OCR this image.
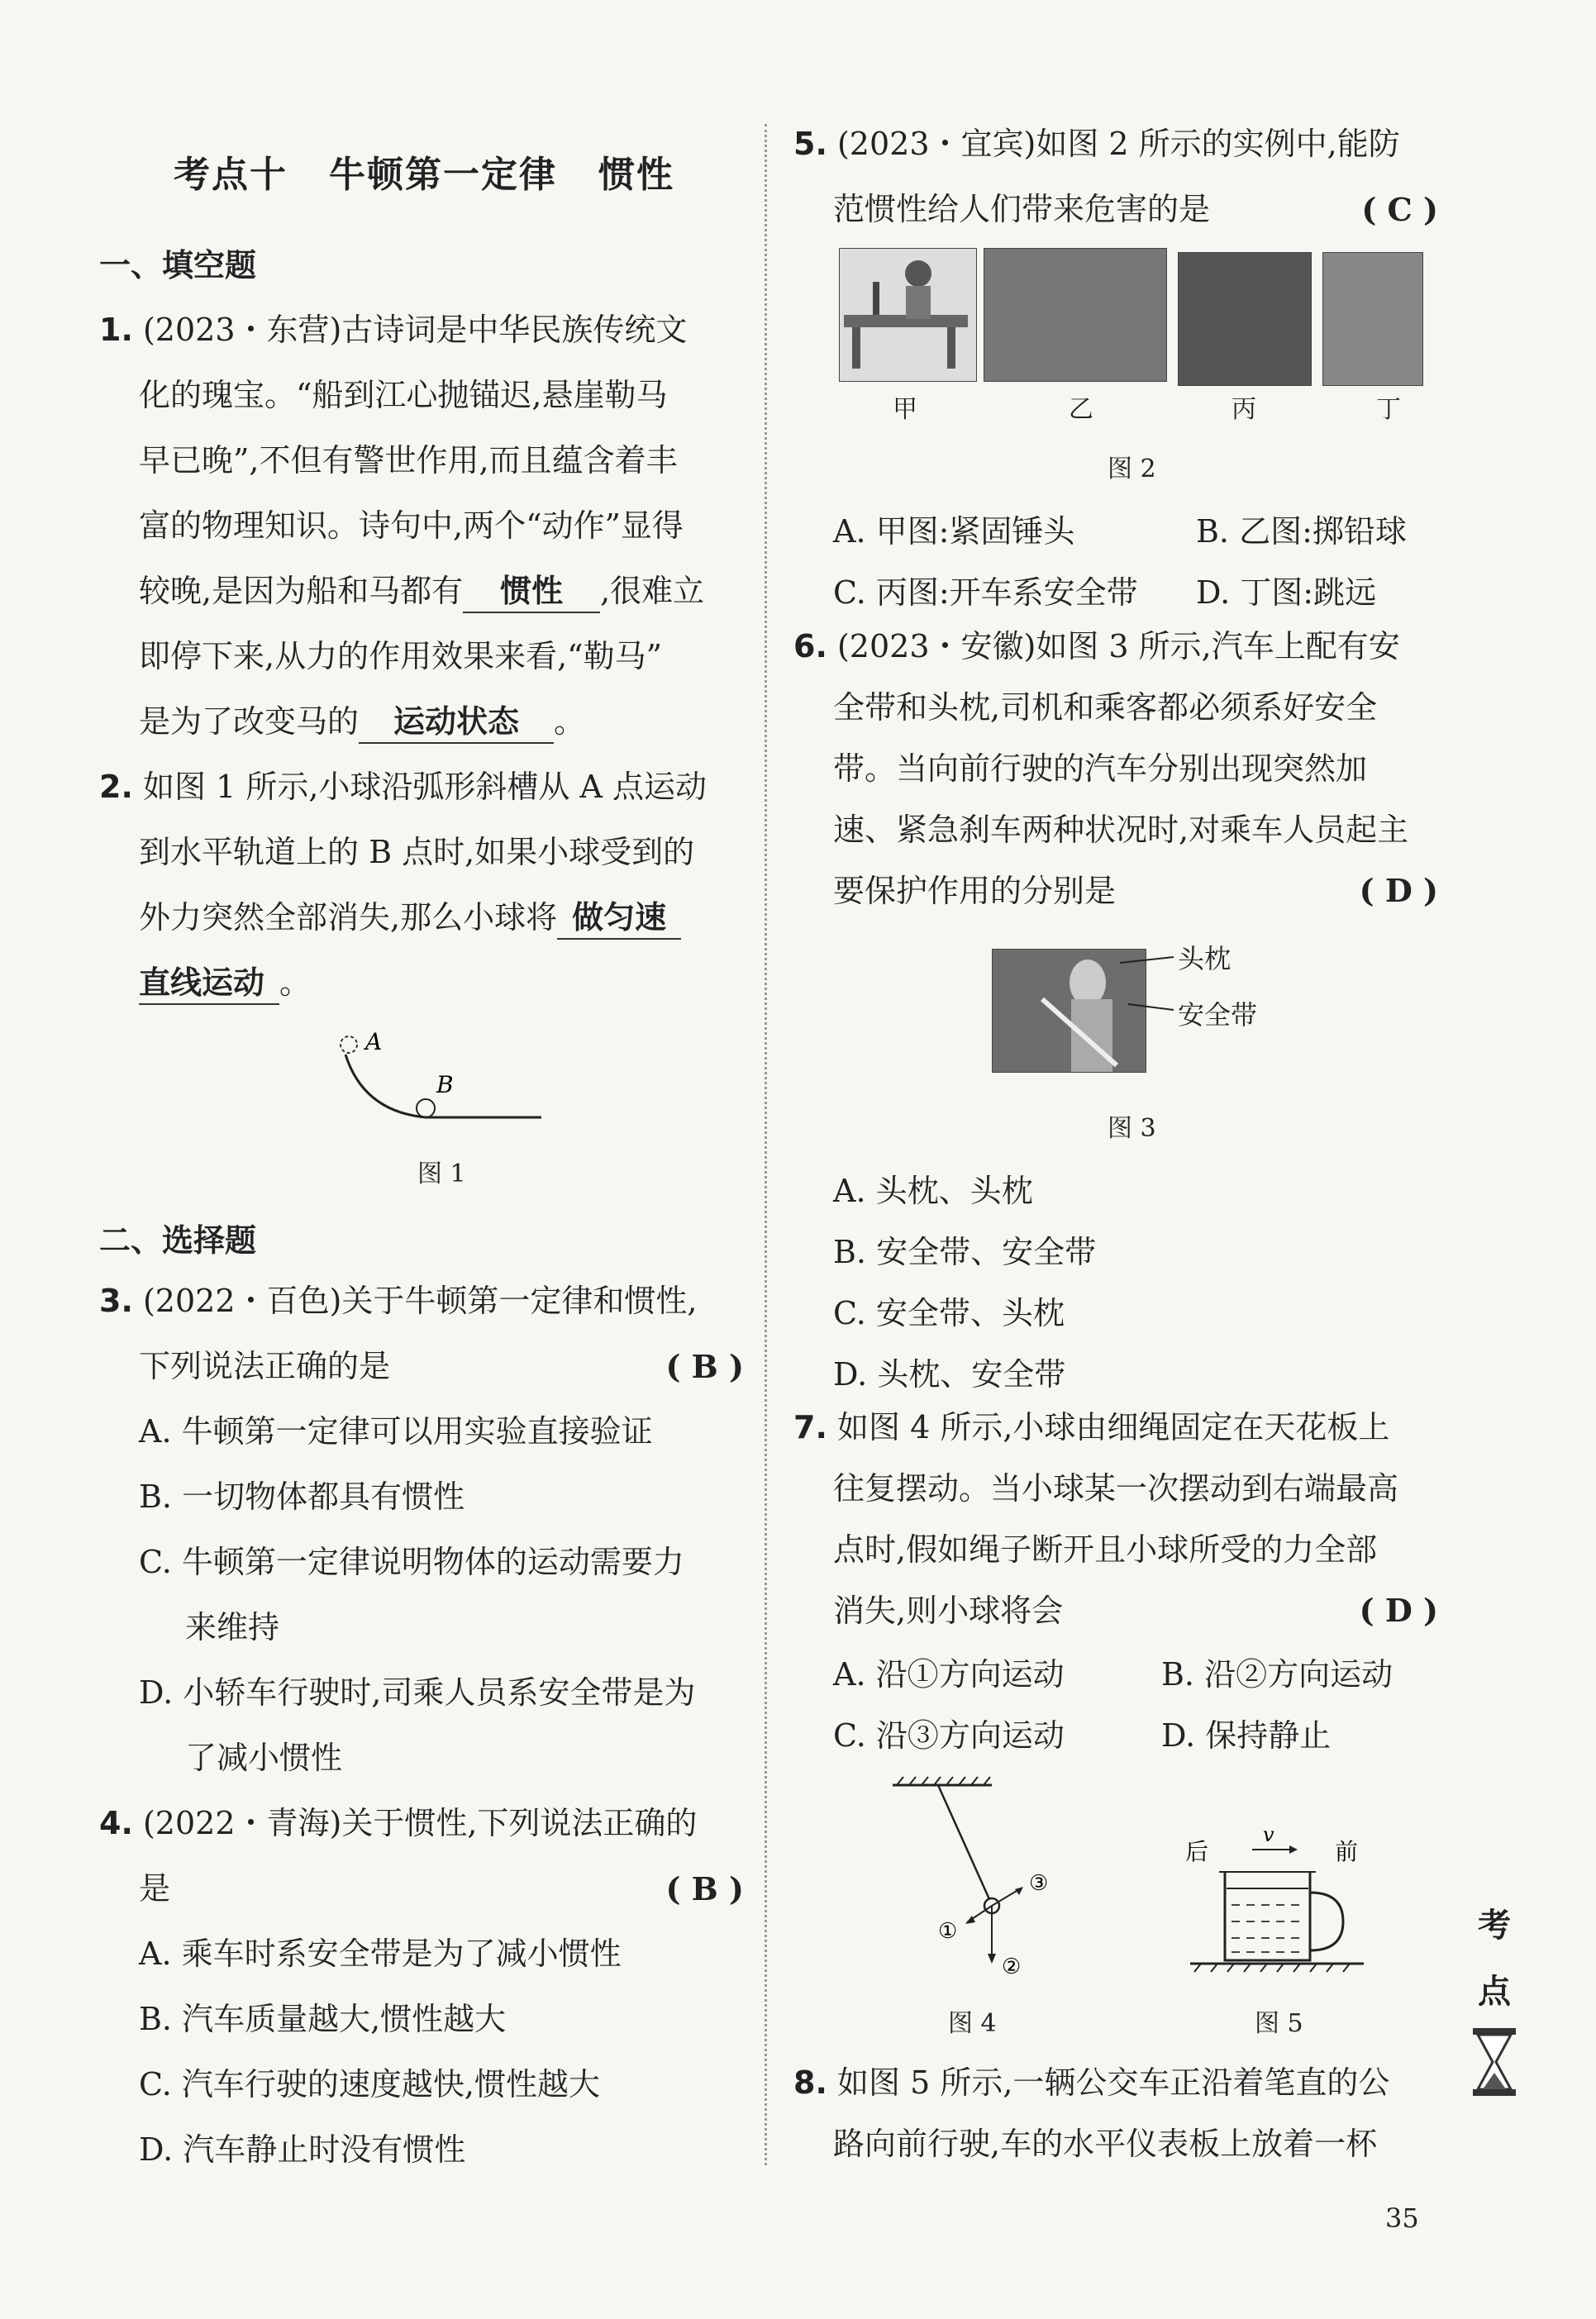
考点十 牛顿第一定律 惯性
一、填空题
1. (2023・东营)古诗词是中华民族传统文
化的瑰宝。“船到江心抛锚迟,悬崖勒马
早已晚”,不但有警世作用,而且蕴含着丰
富的物理知识。诗句中,两个“动作”显得
较晚,是因为船和马都有 惯性 ,很难立
即停下来,从力的作用效果来看,“勒马”
是为了改变马的 运动状态 。
2. 如图 1 所示,小球沿弧形斜槽从 A 点运动
到水平轨道上的 B 点时,如果小球受到的
外力突然全部消失,那么小球将 做匀速
直线运动 。
A
B
图 1
二、选择题
3. (2022・百色)关于牛顿第一定律和惯性,
下列说法正确的是	( B )
A. 牛顿第一定律可以用实验直接验证
B. 一切物体都具有惯性
C. 牛顿第一定律说明物体的运动需要力
来维持
D. 小轿车行驶时,司乘人员系安全带是为
了减小惯性
4. (2022・青海)关于惯性,下列说法正确的
是	( B )
A. 乘车时系安全带是为了减小惯性
B. 汽车质量越大,惯性越大
C. 汽车行驶的速度越快,惯性越大
D. 汽车静止时没有惯性
5. (2023・宜宾)如图 2 所示的实例中,能防
范惯性给人们带来危害的是	( C )
甲	乙	丙	丁
图 2
A. 甲图:紧固锤头	B. 乙图:掷铅球
C. 丙图:开车系安全带 D. 丁图:跳远
6. (2023・安徽)如图 3 所示,汽车上配有安
全带和头枕,司机和乘客都必须系好安全
带。当向前行驶的汽车分别出现突然加
速、紧急刹车两种状况时,对乘车人员起主
要保护作用的分别是	( D )
头枕
安全带
图 3
A. 头枕、头枕
B. 安全带、安全带
C. 安全带、头枕
D. 头枕、安全带
7. 如图 4 所示,小球由细绳固定在天花板上
往复摆动。当小球某一次摆动到右端最高
点时,假如绳子断开且小球所受的力全部
消失,则小球将会	( D )
A. 沿①方向运动	B. 沿②方向运动
C. 沿③方向运动	D. 保持静止
①
②
③
图 4
后	前
v
图 5
8. 如图 5 所示,一辆公交车正沿着笔直的公
路向前行驶,车的水平仪表板上放着一杯
考
点
35
